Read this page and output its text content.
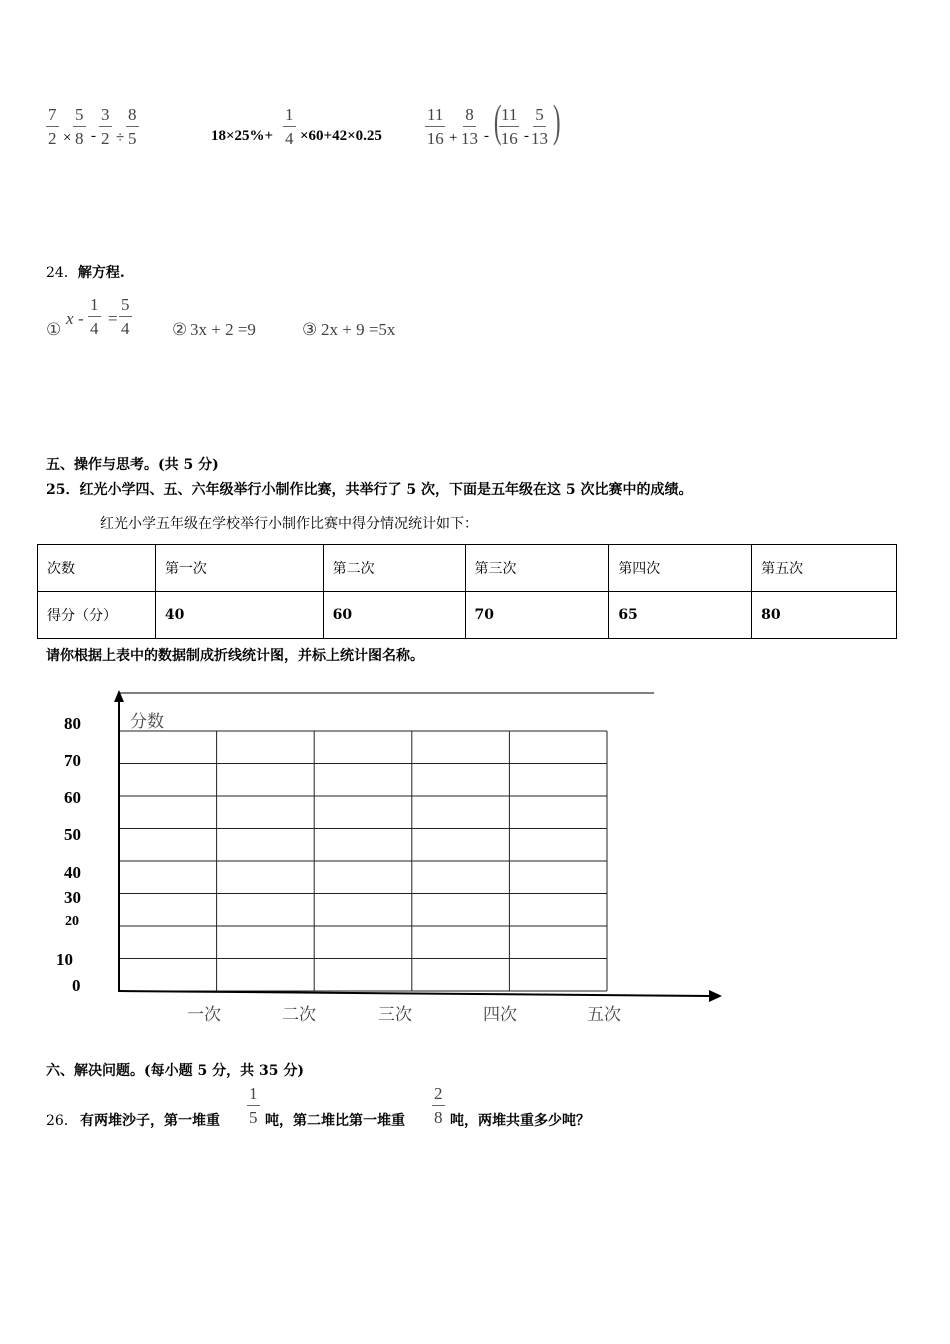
$\frac{7}{2} \times \frac{5}{8} - \frac{3}{2} \div \frac{8}{5}$	$18\times 25\%+ \frac{1}{4} \times 60+42\times 0.25$	$\frac{11}{16} + \frac{8}{13}$ - (
$\frac{11}{16} - \frac{5}{13}$ )
24．解方程.
①
$x - \frac{1}{4} = \frac{5}{4}$ ② 3x + 2 =9	③ 2x + 9 =5x
五、操作与思考。(共 5 分)
25．红光小学四、五、六年级举行小制作比赛，共举行了 5 次，下面是五年级在这 5 次比赛中的成绩。
红光小学五年级在学校举行小制作比赛中得分情况统计如下：
次数	第一次	第二次	第三次	第四次	第五次
得分（分）	40	60	70	65	80
请你根据上表中的数据制成折线统计图，并标上统计图名称。
分数
80
70
60
50
40
30
20
10
0
一次	二次	三次	四次	五次
六、解决问题。(每小题 5 分，共 35 分)
26． 有两堆沙子，第一堆重 $\frac{1}{5}$ 吨，第二堆比第一堆重 $\frac{2}{8}$ 吨，两堆共重多少吨？
